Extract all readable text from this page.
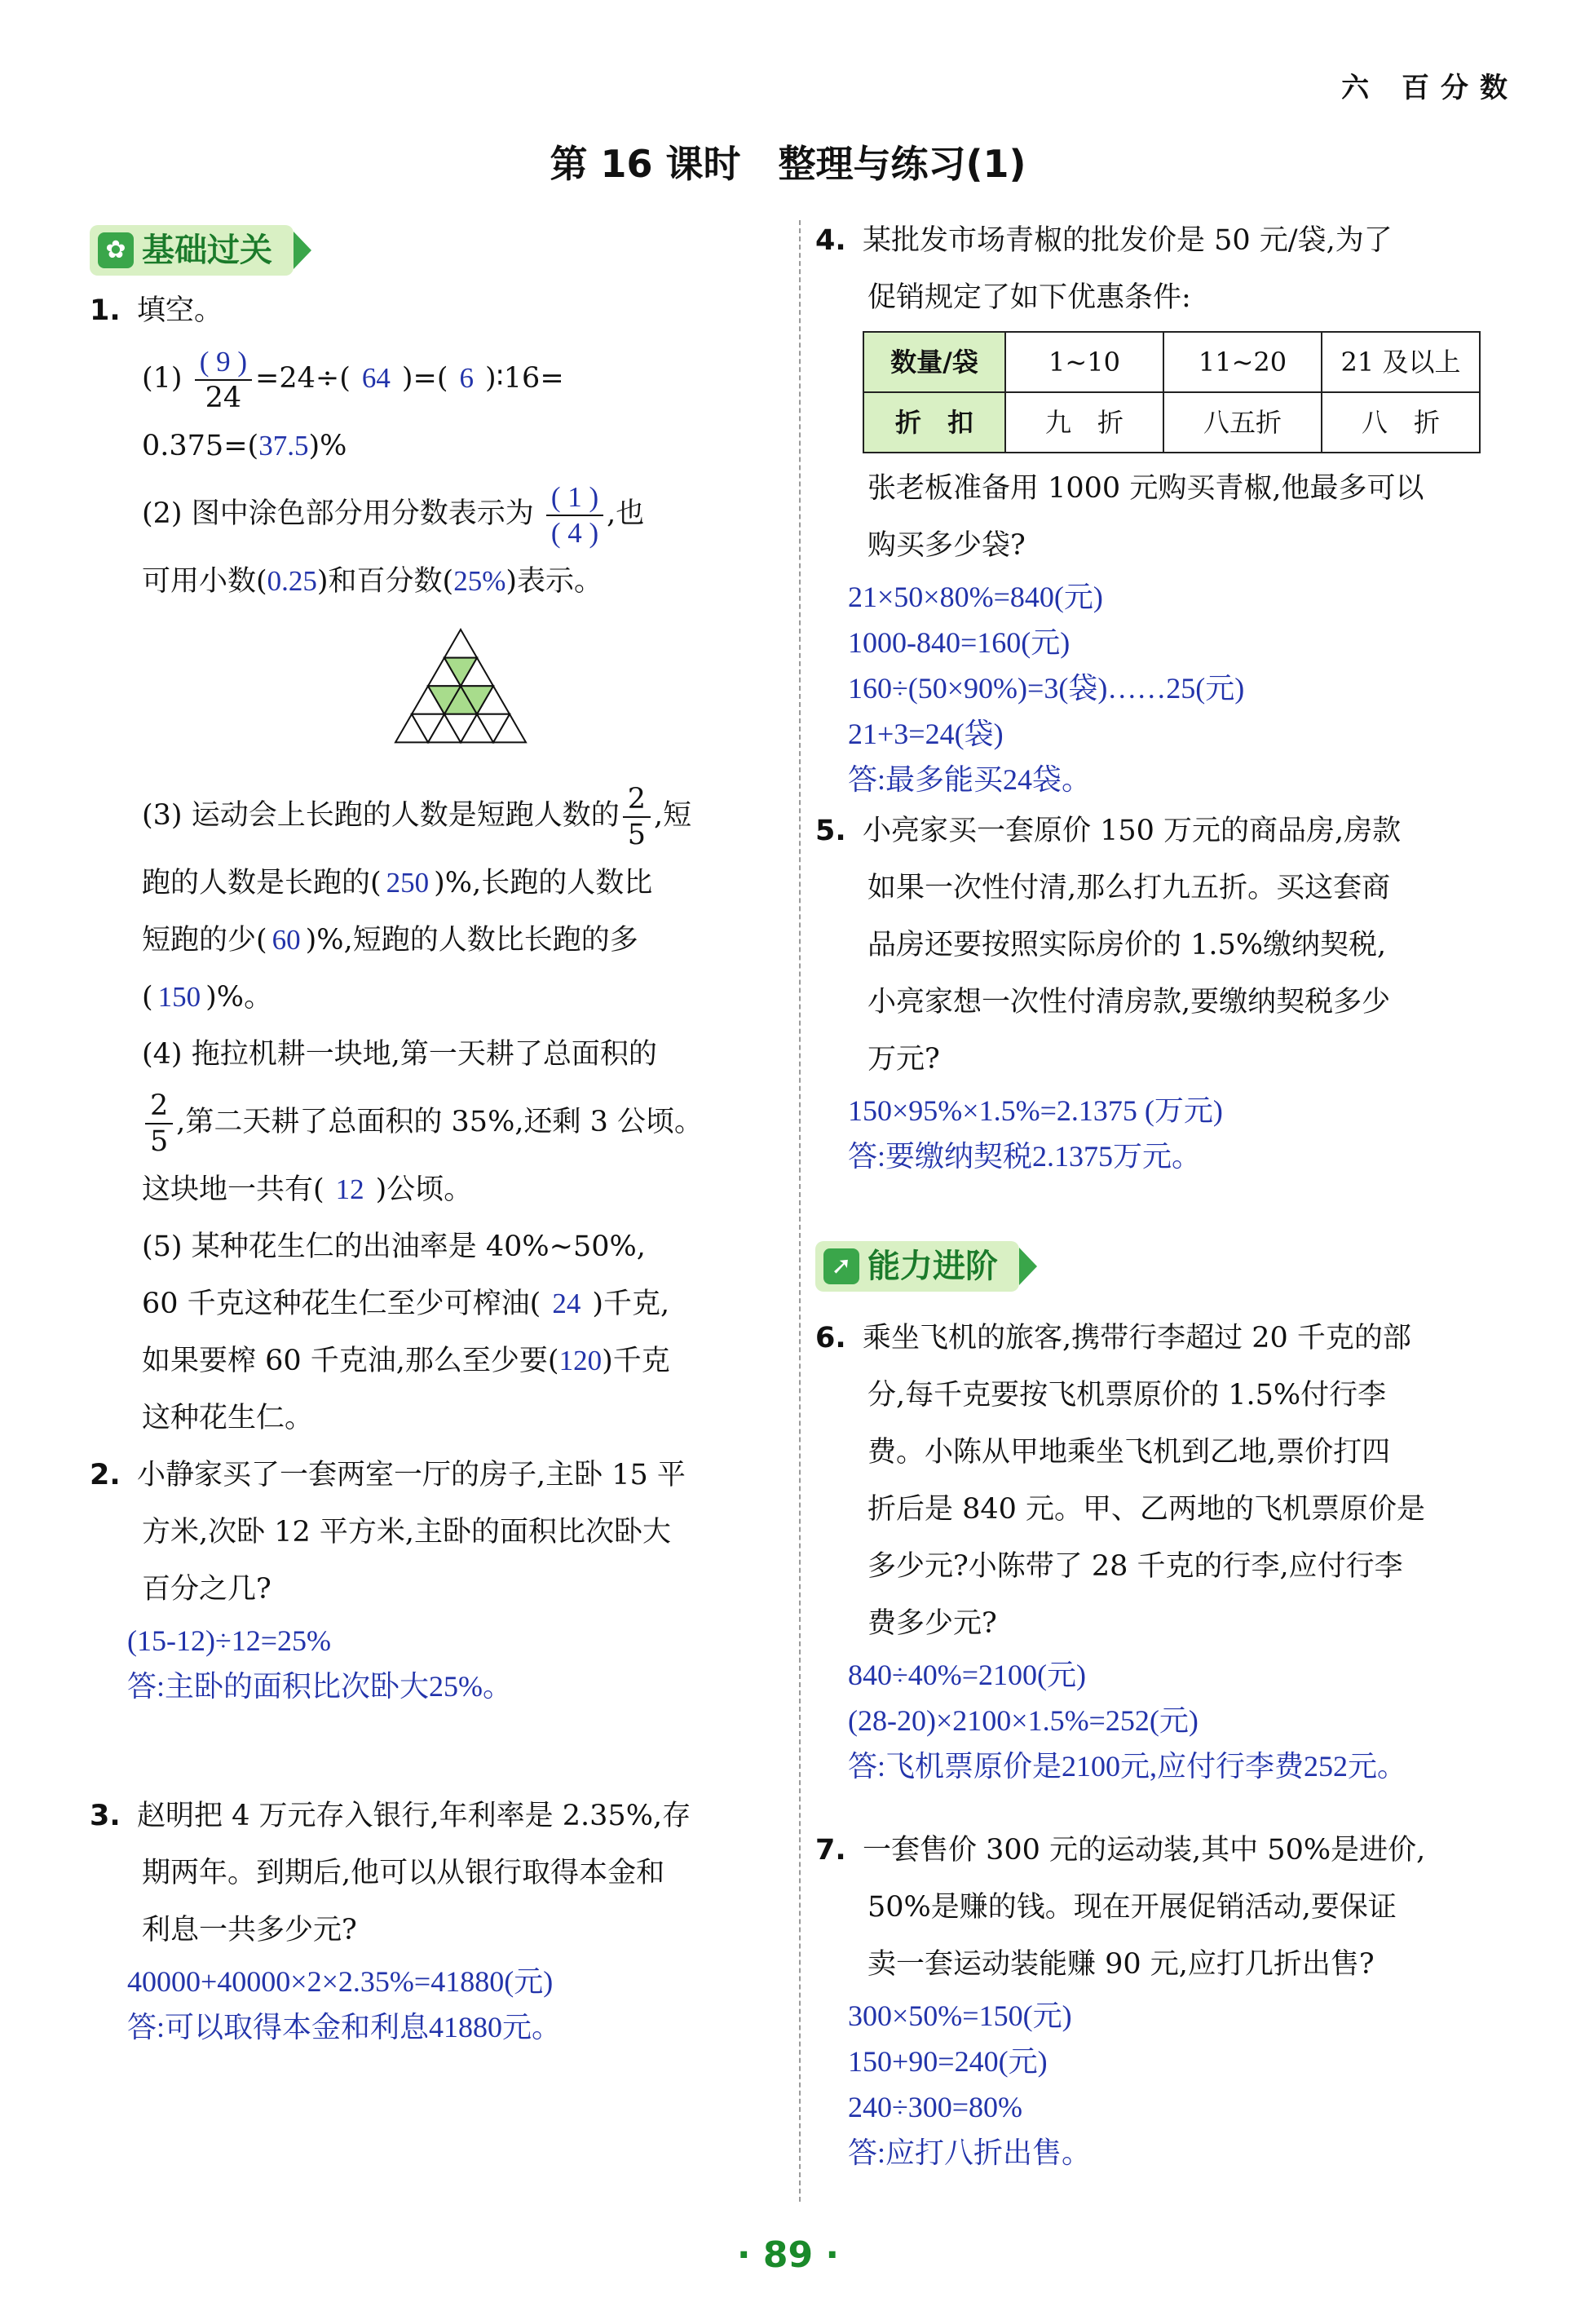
六 百分数
第 16 课时　整理与练习(1)
✿ 基础过关
1. 填空。
$(1) \frac{( 9 )}{24} =24\div$( 64 )=( 6 )∶16=
0.375=(37.5)%
(2) 图中涂色部分用分数表示为 $\frac{( 1 )}{( 4 )}$ ,也
可用小数(0.25)和百分数(25%)表示。
(3) 运动会上长跑的人数是短跑人数的 $\frac{2}{5}$ ,短
跑的人数是长跑的( 250 )%,长跑的人数比
短跑的少( 60 )%,短跑的人数比长跑的多
( 150 )%。
(4) 拖拉机耕一块地,第一天耕了总面积的
$\frac{2}{5}$ ,第二天耕了总面积的 35%,还剩 3 公顷。
这块地一共有( 12 )公顷。
(5) 某种花生仁的出油率是 40%~50%,
60 千克这种花生仁至少可榨油( 24 )千克,
如果要榨 60 千克油,那么至少要(120)千克
这种花生仁。
2. 小静家买了一套两室一厅的房子,主卧 15 平
方米,次卧 12 平方米,主卧的面积比次卧大
百分之几?
(15-12)÷12=25%
答:主卧的面积比次卧大25%。
3. 赵明把 4 万元存入银行,年利率是 2.35%,存
期两年。到期后,他可以从银行取得本金和
利息一共多少元?
40000+40000×2×2.35%=41880(元)
答:可以取得本金和利息41880元。
4. 某批发市场青椒的批发价是 50 元/袋,为了
促销规定了如下优惠条件:
数量/袋	1~10	11~20	21 及以上
折　扣	九　折	八五折	八　折
张老板准备用 1000 元购买青椒,他最多可以
购买多少袋?
21×50×80%=840(元)
1000-840=160(元)
160÷(50×90%)=3(袋)……25(元)
21+3=24(袋)
答:最多能买24袋。
5. 小亮家买一套原价 150 万元的商品房,房款
如果一次性付清,那么打九五折。买这套商
品房还要按照实际房价的 1.5%缴纳契税,
小亮家想一次性付清房款,要缴纳契税多少
万元?
150×95%×1.5%=2.1375 (万元)
答:要缴纳契税2.1375万元。
➚ 能力进阶
6. 乘坐飞机的旅客,携带行李超过 20 千克的部
分,每千克要按飞机票原价的 1.5%付行李
费。小陈从甲地乘坐飞机到乙地,票价打四
折后是 840 元。甲、乙两地的飞机票原价是
多少元?小陈带了 28 千克的行李,应付行李
费多少元?
840÷40%=2100(元)
(28-20)×2100×1.5%=252(元)
答:飞机票原价是2100元,应付行李费252元。
7. 一套售价 300 元的运动装,其中 50%是进价,
50%是赚的钱。现在开展促销活动,要保证
卖一套运动装能赚 90 元,应打几折出售?
300×50%=150(元)
150+90=240(元)
240÷300=80%
答:应打八折出售。
· 89 ·
